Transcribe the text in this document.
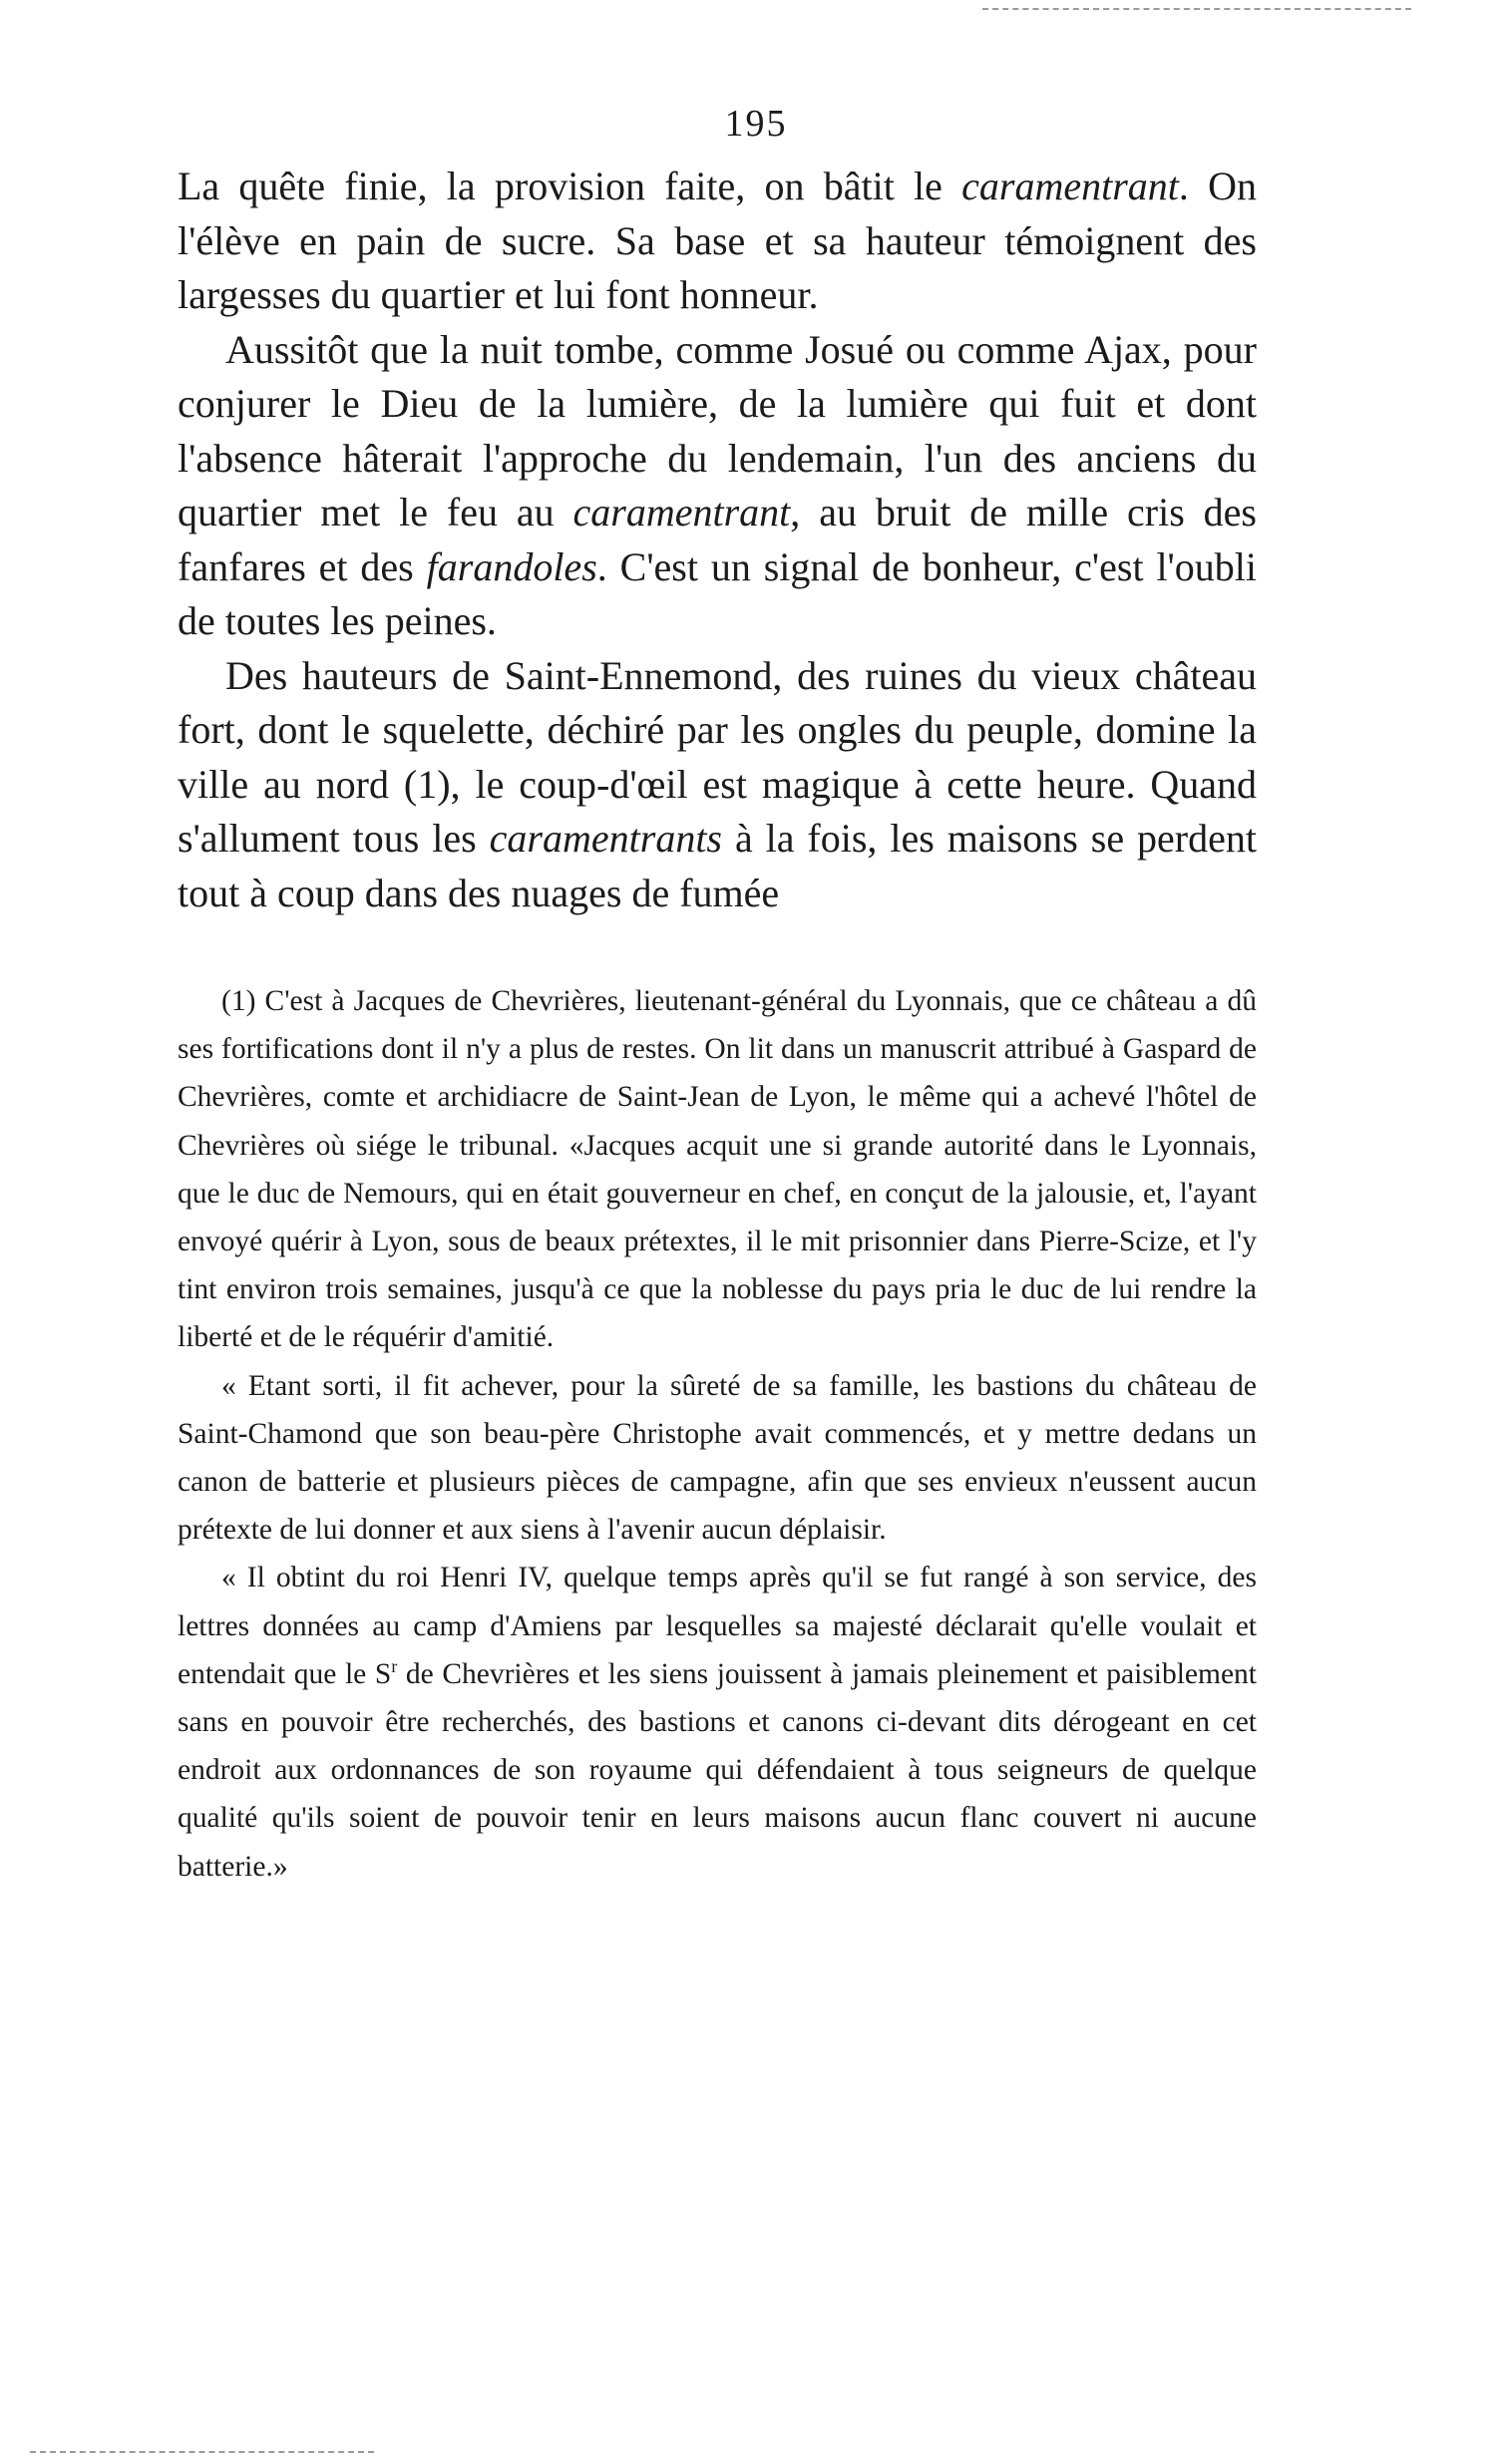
195

La quête finie, la provision faite, on bâtit le caramentrant. On l'élève en pain de sucre. Sa base et sa hauteur témoignent des largesses du quartier et lui font honneur.

Aussitôt que la nuit tombe, comme Josué ou comme Ajax, pour conjurer le Dieu de la lumière, de la lumière qui fuit et dont l'absence hâterait l'approche du lendemain, l'un des anciens du quartier met le feu au caramentrant, au bruit de mille cris des fanfares et des farandoles. C'est un signal de bonheur, c'est l'oubli de toutes les peines.

Des hauteurs de Saint-Ennemond, des ruines du vieux château fort, dont le squelette, déchiré par les ongles du peuple, domine la ville au nord (1), le coup-d'œil est magique à cette heure. Quand s'allument tous les caramentrants à la fois, les maisons se perdent tout à coup dans des nuages de fumée

(1) C'est à Jacques de Chevrières, lieutenant-général du Lyonnais, que ce château a dû ses fortifications dont il n'y a plus de restes. On lit dans un manuscrit attribué à Gaspard de Chevrières, comte et archidiacre de Saint-Jean de Lyon, le même qui a achevé l'hôtel de Chevrières où siége le tribunal. «Jacques acquit une si grande autorité dans le Lyonnais, que le duc de Nemours, qui en était gouverneur en chef, en conçut de la jalousie, et, l'ayant envoyé quérir à Lyon, sous de beaux prétextes, il le mit prisonnier dans Pierre-Scize, et l'y tint environ trois semaines, jusqu'à ce que la noblesse du pays pria le duc de lui rendre la liberté et de le réquérir d'amitié.

« Etant sorti, il fit achever, pour la sûreté de sa famille, les bastions du château de Saint-Chamond que son beau-père Christophe avait commencés, et y mettre dedans un canon de batterie et plusieurs pièces de campagne, afin que ses envieux n'eussent aucun prétexte de lui donner et aux siens à l'avenir aucun déplaisir.

« Il obtint du roi Henri IV, quelque temps après qu'il se fut rangé à son service, des lettres données au camp d'Amiens par lesquelles sa majesté déclarait qu'elle voulait et entendait que le $S^r$ de Chevrières et les siens jouissent à jamais pleinement et paisiblement sans en pouvoir être recherchés, des bastions et canons ci-devant dits dérogeant en cet endroit aux ordonnances de son royaume qui défendaient à tous seigneurs de quelque qualité qu'ils soient de pouvoir tenir en leurs maisons aucun flanc couvert ni aucune batterie.»
